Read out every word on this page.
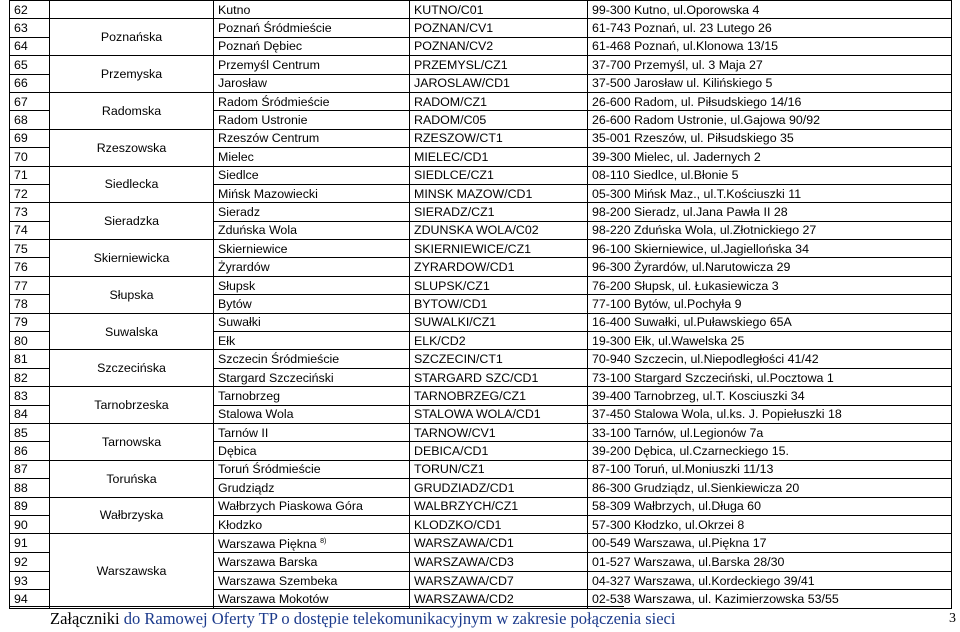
62		Kutno	KUTNO/C01	99-300 Kutno, ul.Oporowska 4
63	Poznańska	Poznań Śródmieście	POZNAN/CV1	61-743 Poznań, ul. 23 Lutego 26
64		Poznań Dębiec	POZNAN/CV2	61-468 Poznań, ul.Klonowa 13/15
65	Przemyska	Przemyśl Centrum	PRZEMYSL/CZ1	37-700 Przemyśl, ul. 3 Maja 27
66		Jarosław	JAROSLAW/CD1	37-500 Jarosław ul. Kilińskiego 5
67	Radomska	Radom Śródmieście	RADOM/CZ1	26-600 Radom, ul. Piłsudskiego 14/16
68		Radom Ustronie	RADOM/C05	26-600 Radom Ustronie, ul.Gajowa 90/92
69	Rzeszowska	Rzeszów Centrum	RZESZOW/CT1	35-001 Rzeszów, ul. Piłsudskiego 35
70		Mielec	MIELEC/CD1	39-300 Mielec, ul. Jadernych 2
71	Siedlecka	Siedlce	SIEDLCE/CZ1	08-110 Siedlce, ul.Błonie 5
72		Mińsk Mazowiecki	MINSK MAZOW/CD1	05-300 Mińsk Maz., ul.T.Kościuszki 11
73	Sieradzka	Sieradz	SIERADZ/CZ1	98-200 Sieradz, ul.Jana Pawła II 28
74		Zduńska Wola	ZDUNSKA WOLA/C02	98-220 Zduńska Wola, ul.Złotnickiego 27
75	Skierniewicka	Skierniewice	SKIERNIEWICE/CZ1	96-100 Skierniewice, ul.Jagiellońska 34
76		Żyrardów	ZYRARDOW/CD1	96-300 Żyrardów, ul.Narutowicza 29
77	Słupska	Słupsk	SLUPSK/CZ1	76-200 Słupsk, ul. Łukasiewicza 3
78		Bytów	BYTOW/CD1	77-100 Bytów, ul.Pochyła 9
79	Suwalska	Suwałki	SUWALKI/CZ1	16-400 Suwałki, ul.Puławskiego 65A
80		Ełk	ELK/CD2	19-300 Ełk, ul.Wawelska 25
81	Szczecińska	Szczecin Śródmieście	SZCZECIN/CT1	70-940 Szczecin, ul.Niepodległości 41/42
82		Stargard Szczeciński	STARGARD SZC/CD1	73-100 Stargard Szczeciński, ul.Pocztowa 1
83	Tarnobrzeska	Tarnobrzeg	TARNOBRZEG/CZ1	39-400 Tarnobrzeg, ul.T. Kosciuszki 34
84		Stalowa Wola	STALOWA WOLA/CD1	37-450 Stalowa Wola, ul.ks. J. Popiełuszki 18
85	Tarnowska	Tarnów II	TARNOW/CV1	33-100 Tarnów, ul.Legionów 7a
86		Dębica	DEBICA/CD1	39-200 Dębica, ul.Czarneckiego 15.
87	Toruńska	Toruń Śródmieście	TORUN/CZ1	87-100 Toruń, ul.Moniuszki 11/13
88		Grudziądz	GRUDZIADZ/CD1	86-300 Grudziądz, ul.Sienkiewicza 20
89	Wałbrzyska	Wałbrzych Piaskowa Góra	WALBRZYCH/CZ1	58-309 Wałbrzych, ul.Długa 60
90		Kłodzko	KLODZKO/CD1	57-300 Kłodzko, ul.Okrzei 8
91	Warszawska	Warszawa Piękna $^{8)}$	WARSZAWA/CD1	00-549 Warszawa, ul.Piękna 17
92		Warszawa Barska	WARSZAWA/CD3	01-527 Warszawa, ul.Barska 28/30
93		Warszawa Szembeka	WARSZAWA/CD7	04-327 Warszawa, ul.Kordeckiego 39/41
94		Warszawa Mokotów	WARSZAWA/CD2	02-538 Warszawa, ul. Kazimierzowska 53/55
Załączniki do Ramowej Oferty TP o dostępie telekomunikacyjnym w zakresie połączenia sieci	3
